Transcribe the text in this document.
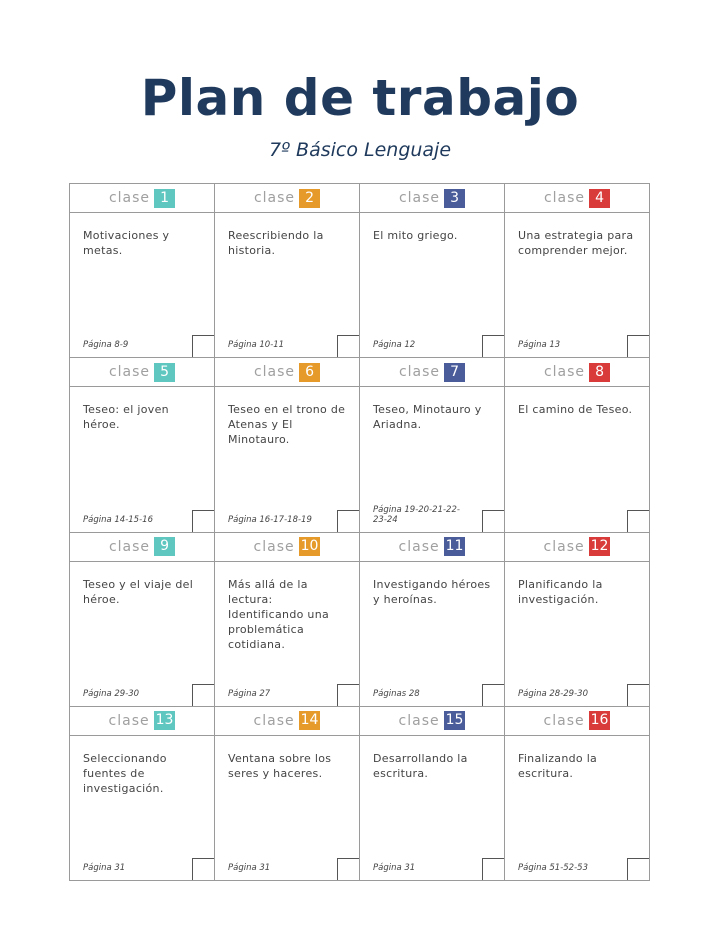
Plan de trabajo
7º Básico Lenguaje
clase 1
Motivaciones y metas.
Página 8-9
clase 2
Reescribiendo la historia.
Página 10-11
clase 3
El mito griego.
Página 12
clase 4
Una estrategia para comprender mejor.
Página 13
clase 5
Teseo: el joven héroe.
Página 14-15-16
clase 6
Teseo en el trono de Atenas y El Minotauro.
Página 16-17-18-19
clase 7
Teseo, Minotauro y Ariadna.
Página 19-20-21-22-23-24
clase 8
El camino de Teseo.
clase 9
Teseo y el viaje del héroe.
Página 29-30
clase 10
Más allá de la lectura: Identificando una problemática cotidiana.
Página 27
clase 11
Investigando héroes y heroínas.
Páginas 28
clase 12
Planificando la investigación.
Página 28-29-30
clase 13
Seleccionando fuentes de investigación.
Página 31
clase 14
Ventana sobre los seres y haceres.
Página 31
clase 15
Desarrollando la escritura.
Página 31
clase 16
Finalizando la escritura.
Página 51-52-53
